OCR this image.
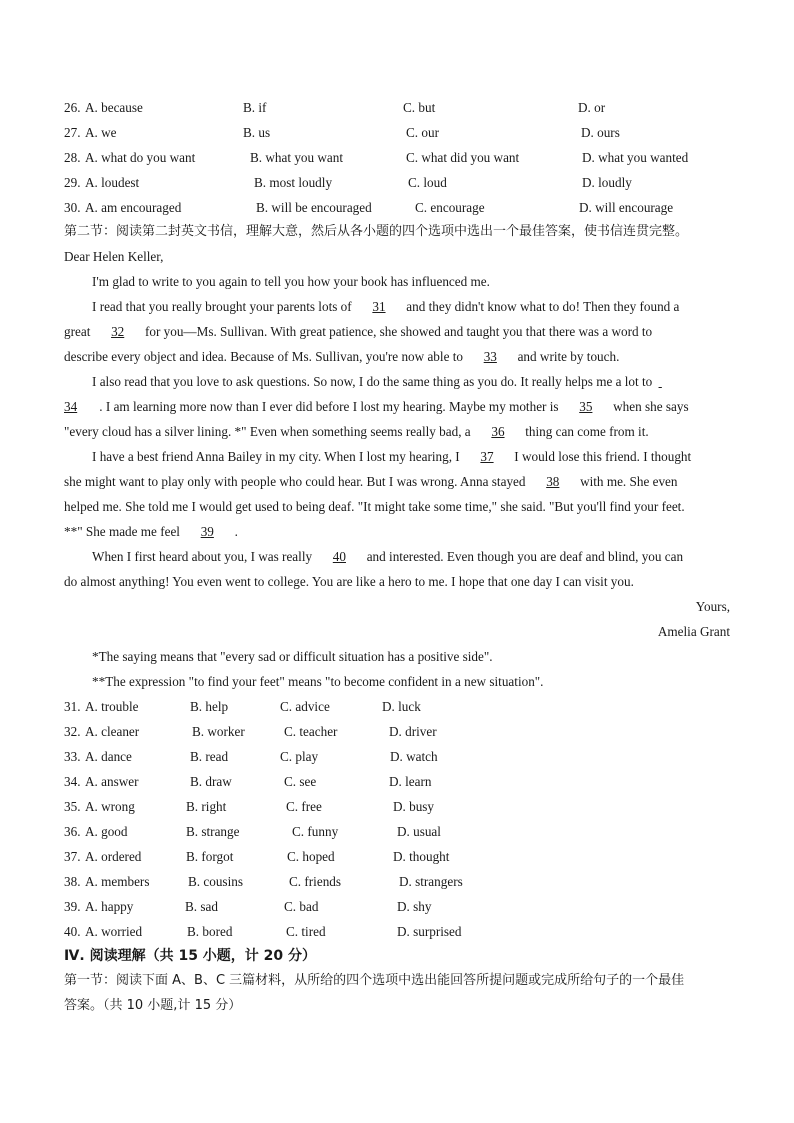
26. A. because	B. if	C. but	D. or
27. A. we	B. us	C. our	D. ours
28. A. what do you want	B. what you want	C. what did you want	D. what you wanted
29. A. loudest	B. most loudly	C. loud	D. loudly
30. A. am encouraged	B. will be encouraged	C. encourage	D. will encourage
第二节：阅读第二封英文书信，理解大意，然后从各小题的四个选项中选出一个最佳答案，使书信连贯完整。
Dear Helen Keller,
I'm glad to write to you again to tell you how your book has influenced me.
I read that you really brought your parents lots of 31 and they didn't know what to do! Then they found a
great 32 for you—Ms. Sullivan. With great patience, she showed and taught you that there was a word to
describe every object and idea. Because of Ms. Sullivan, you're now able to 33 and write by touch.
I also read that you love to ask questions. So now, I do the same thing as you do. It really helps me a lot to
34 . I am learning more now than I ever did before I lost my hearing. Maybe my mother is 35 when she says
"every cloud has a silver lining. *" Even when something seems really bad, a 36 thing can come from it.
I have a best friend Anna Bailey in my city. When I lost my hearing, I 37 I would lose this friend. I thought
she might want to play only with people who could hear. But I was wrong. Anna stayed 38 with me. She even
helped me. She told me I would get used to being deaf. "It might take some time," she said. "But you'll find your feet.
**" She made me feel 39 .
When I first heard about you, I was really 40 and interested. Even though you are deaf and blind, you can
do almost anything! You even went to college. You are like a hero to me. I hope that one day I can visit you.
Yours,
Amelia Grant
*The saying means that "every sad or difficult situation has a positive side".
**The expression "to find your feet" means "to become confident in a new situation".
31. A. trouble	B. help	C. advice	D. luck
32. A. cleaner	B. worker	C. teacher	D. driver
33. A. dance	B. read	C. play	D. watch
34. A. answer	B. draw	C. see	D. learn
35. A. wrong	B. right	C. free	D. busy
36. A. good	B. strange	C. funny	D. usual
37. A. ordered	B. forgot	C. hoped	D. thought
38. A. members	B. cousins	C. friends	D. strangers
39. A. happy	B. sad	C. bad	D. shy
40. A. worried	B. bored	C. tired	D. surprised
Ⅳ. 阅读理解（共 15 小题，计 20 分）
第一节：阅读下面 A、B、C 三篇材料，从所给的四个选项中选出能回答所提问题或完成所给句子的一个最佳
答案。（共 10 小题,计 15 分）
